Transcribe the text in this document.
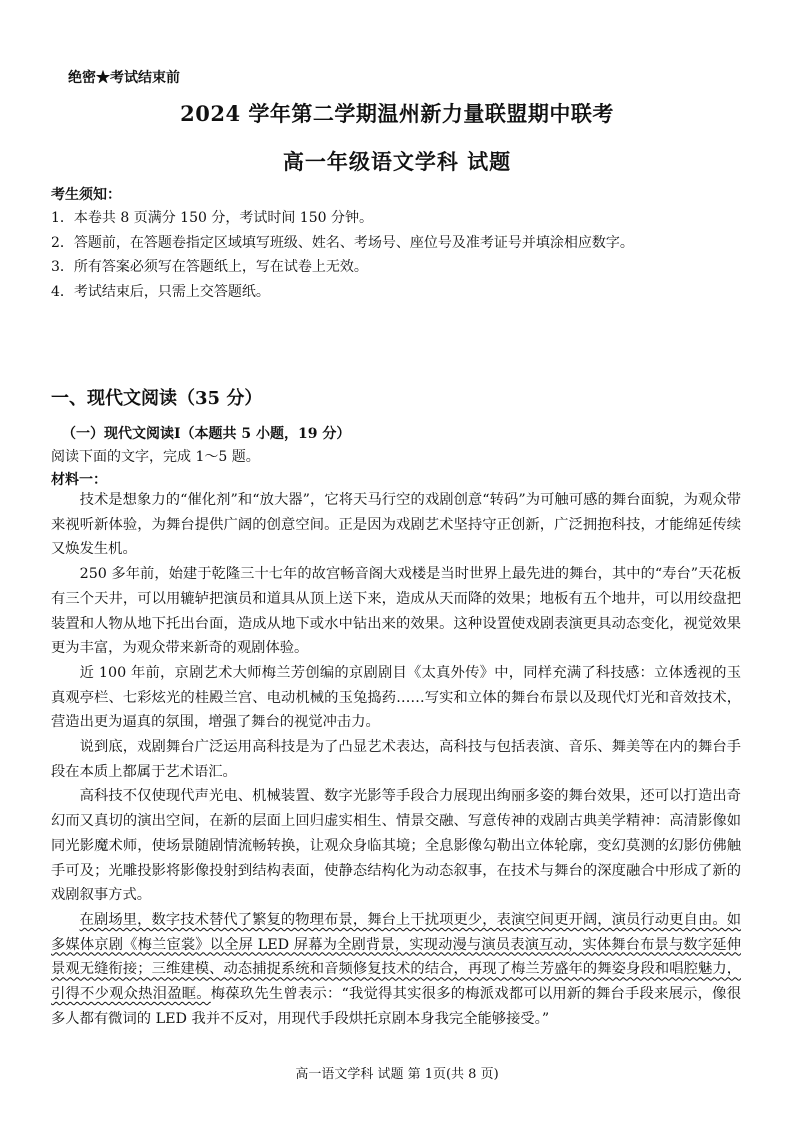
绝密★考试结束前
2024 学年第二学期温州新力量联盟期中联考
高一年级语文学科 试题
考生须知：
1．本卷共 8 页满分 150 分，考试时间 150 分钟。
2．答题前，在答题卷指定区域填写班级、姓名、考场号、座位号及准考证号并填涂相应数字。
3．所有答案必须写在答题纸上，写在试卷上无效。
4．考试结束后，只需上交答题纸。
一、现代文阅读（35 分）
（一）现代文阅读Ⅰ（本题共 5 小题，19 分）
阅读下面的文字，完成 1～5 题。
材料一：

技术是想象力的“催化剂”和“放大器”，它将天马行空的戏剧创意“转码”为可触可感的舞台面貌，为观众带来视听新体验，为舞台提供广阔的创意空间。正是因为戏剧艺术坚持守正创新，广泛拥抱科技，才能绵延传续又焕发生机。

250 多年前，始建于乾隆三十七年的故宫畅音阁大戏楼是当时世界上最先进的舞台，其中的“寿台”天花板有三个天井，可以用辘轳把演员和道具从顶上送下来，造成从天而降的效果；地板有五个地井，可以用绞盘把装置和人物从地下托出台面，造成从地下或水中钻出来的效果。这种设置使戏剧表演更具动态变化，视觉效果更为丰富，为观众带来新奇的观剧体验。

近 100 年前，京剧艺术大师梅兰芳创编的京剧剧目《太真外传》中，同样充满了科技感：立体透视的玉真观亭栏、七彩炫光的桂殿兰宫、电动机械的玉兔捣药……写实和立体的舞台布景以及现代灯光和音效技术，营造出更为逼真的氛围，增强了舞台的视觉冲击力。

说到底，戏剧舞台广泛运用高科技是为了凸显艺术表达，高科技与包括表演、音乐、舞美等在内的舞台手段在本质上都属于艺术语汇。

高科技不仅使现代声光电、机械装置、数字光影等手段合力展现出绚丽多姿的舞台效果，还可以打造出奇幻而又真切的演出空间，在新的层面上回归虚实相生、情景交融、写意传神的戏剧古典美学精神：高清影像如同光影魔术师，使场景随剧情流畅转换，让观众身临其境；全息影像勾勒出立体轮廓，变幻莫测的幻影仿佛触手可及；光雕投影将影像投射到结构表面，使静态结构化为动态叙事，在技术与舞台的深度融合中形成了新的戏剧叙事方式。

在剧场里，数字技术替代了繁复的物理布景，舞台上干扰项更少，表演空间更开阔，演员行动更自由。如多媒体京剧《梅兰宦裳》以全屏 LED 屏幕为全剧背景，实现动漫与演员表演互动，实体舞台布景与数字延伸景观无缝衔接；三维建模、动态捕捉系统和音频修复技术的结合，再现了梅兰芳盛年的舞姿身段和唱腔魅力，引得不少观众热泪盈眶。梅葆玖先生曾表示：“我觉得其实很多的梅派戏都可以用新的舞台手段来展示，像很多人都有微词的 LED 我并不反对，用现代手段烘托京剧本身我完全能够接受。”

高一语文学科 试题 第 1页(共 8 页)
